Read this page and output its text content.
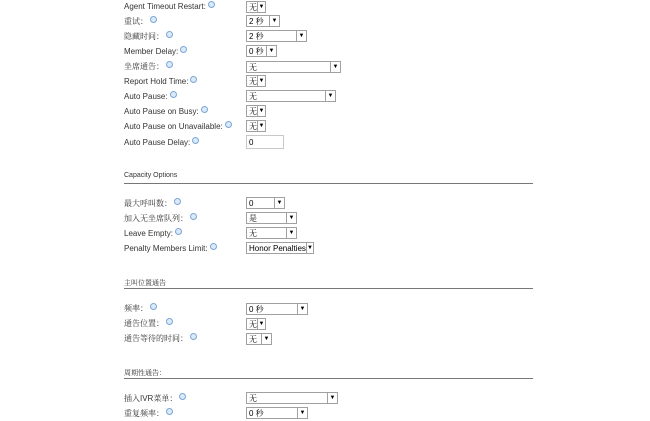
Agent Timeout Restart:	无 ▼
重试：	2 秒	▼
隐藏时间：	2 秒	▼
Member Delay:	0 秒 ▼
坐席通告：	无	▼
Report Hold Time:	无 ▼
Auto Pause:	无	▼
Auto Pause on Busy:	无 ▼
Auto Pause on Unavailable:	无 ▼
Auto Pause Delay:	0
Capacity Options
最大呼叫数：	0	▼
加入无坐席队列：	是	▼
Leave Empty:	无	▼
Penalty Members Limit:	Honor Penalties ▼
主叫位置通告
频率：	0 秒	▼
通告位置：	无 ▼
通告等待的时间：	无	▼
周期性通告：
插入IVR菜单：	无	▼
重复频率：	0 秒	▼
